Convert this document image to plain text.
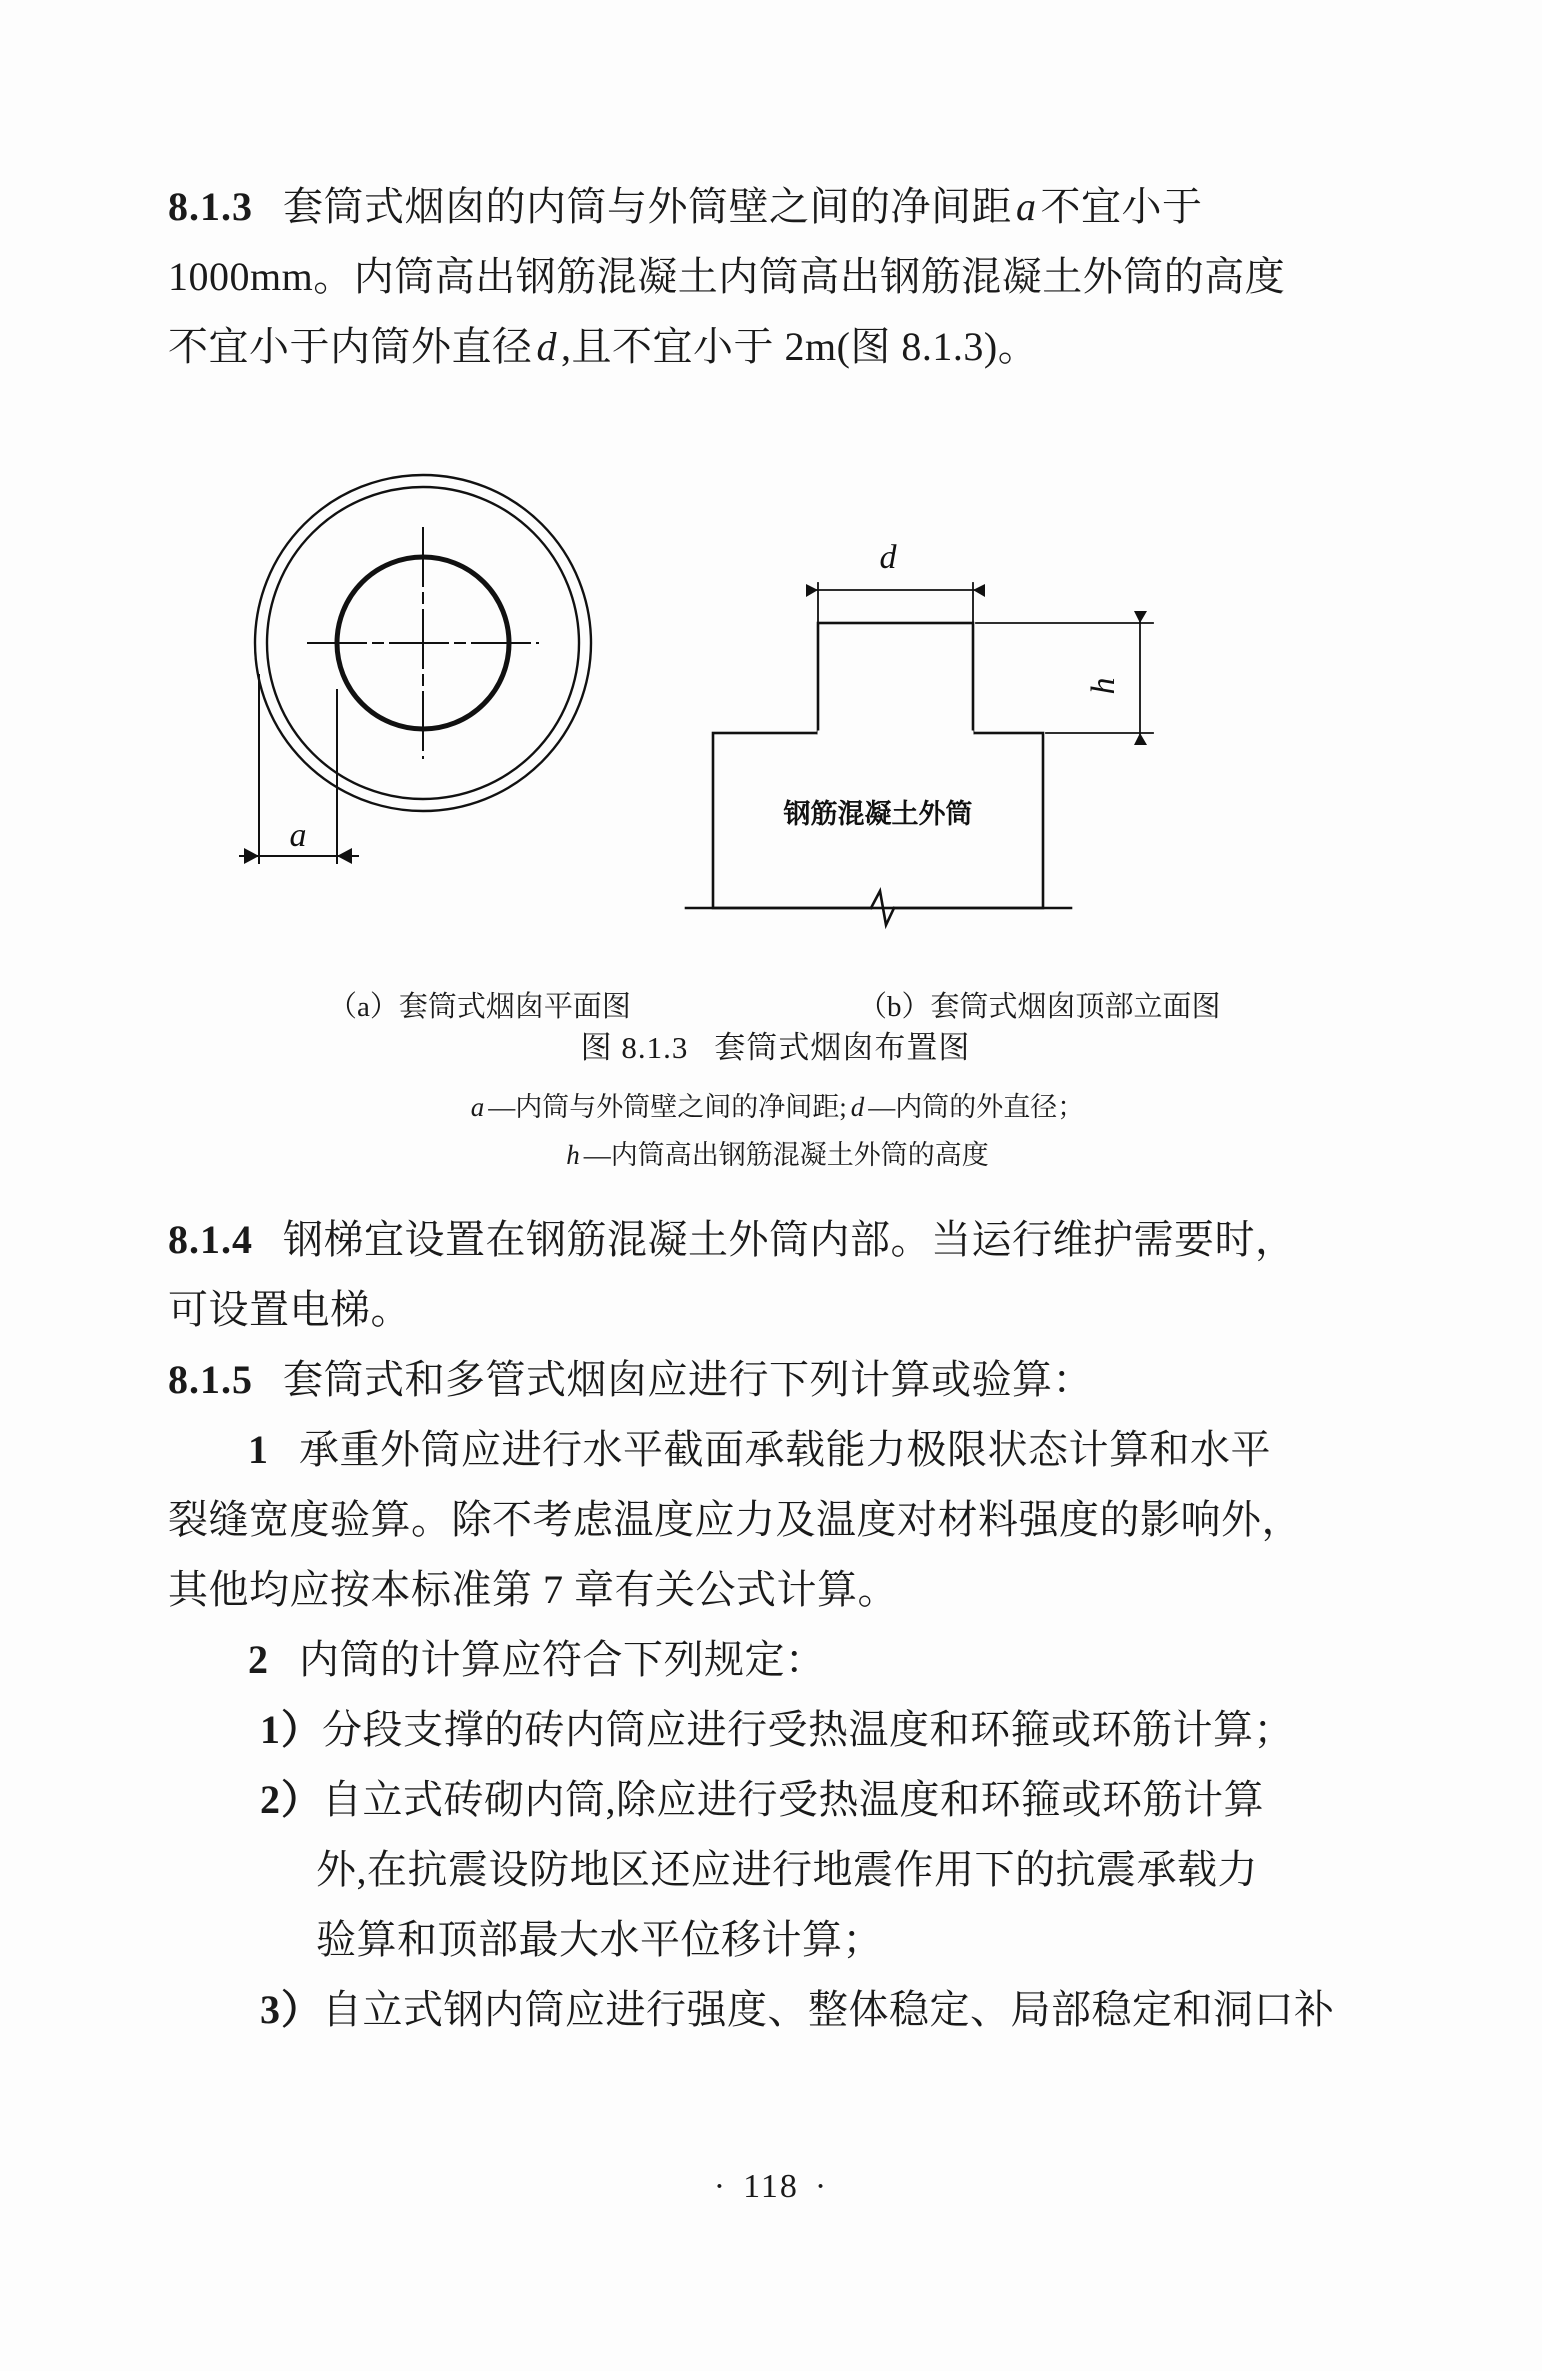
8.1.3 套筒式烟囱的内筒与外筒壁之间的净间距 a 不宜小于
1000mm。内筒高出钢筋混凝土内筒高出钢筋混凝土外筒的高度
不宜小于内筒外直径 d ,且不宜小于 2m(图 8.1.3)。
d
h
a
钢筋混凝土外筒
（a）套筒式烟囱平面图	（b）套筒式烟囱顶部立面图
图 8.1.3 套筒式烟囱布置图
a —内筒与外筒壁之间的净间距; d —内筒的外直径；
h —内筒高出钢筋混凝土外筒的高度
8.1.4 钢梯宜设置在钢筋混凝土外筒内部。当运行维护需要时，
可设置电梯。
8.1.5 套筒式和多管式烟囱应进行下列计算或验算：
1 承重外筒应进行水平截面承载能力极限状态计算和水平
裂缝宽度验算。除不考虑温度应力及温度对材料强度的影响外，
其他均应按本标准第 7 章有关公式计算。
2 内筒的计算应符合下列规定：
1）分段支撑的砖内筒应进行受热温度和环箍或环筋计算；
2）自立式砖砌内筒,除应进行受热温度和环箍或环筋计算
外,在抗震设防地区还应进行地震作用下的抗震承载力
验算和顶部最大水平位移计算；
3）自立式钢内筒应进行强度、整体稳定、局部稳定和洞口补
· 118 ·
